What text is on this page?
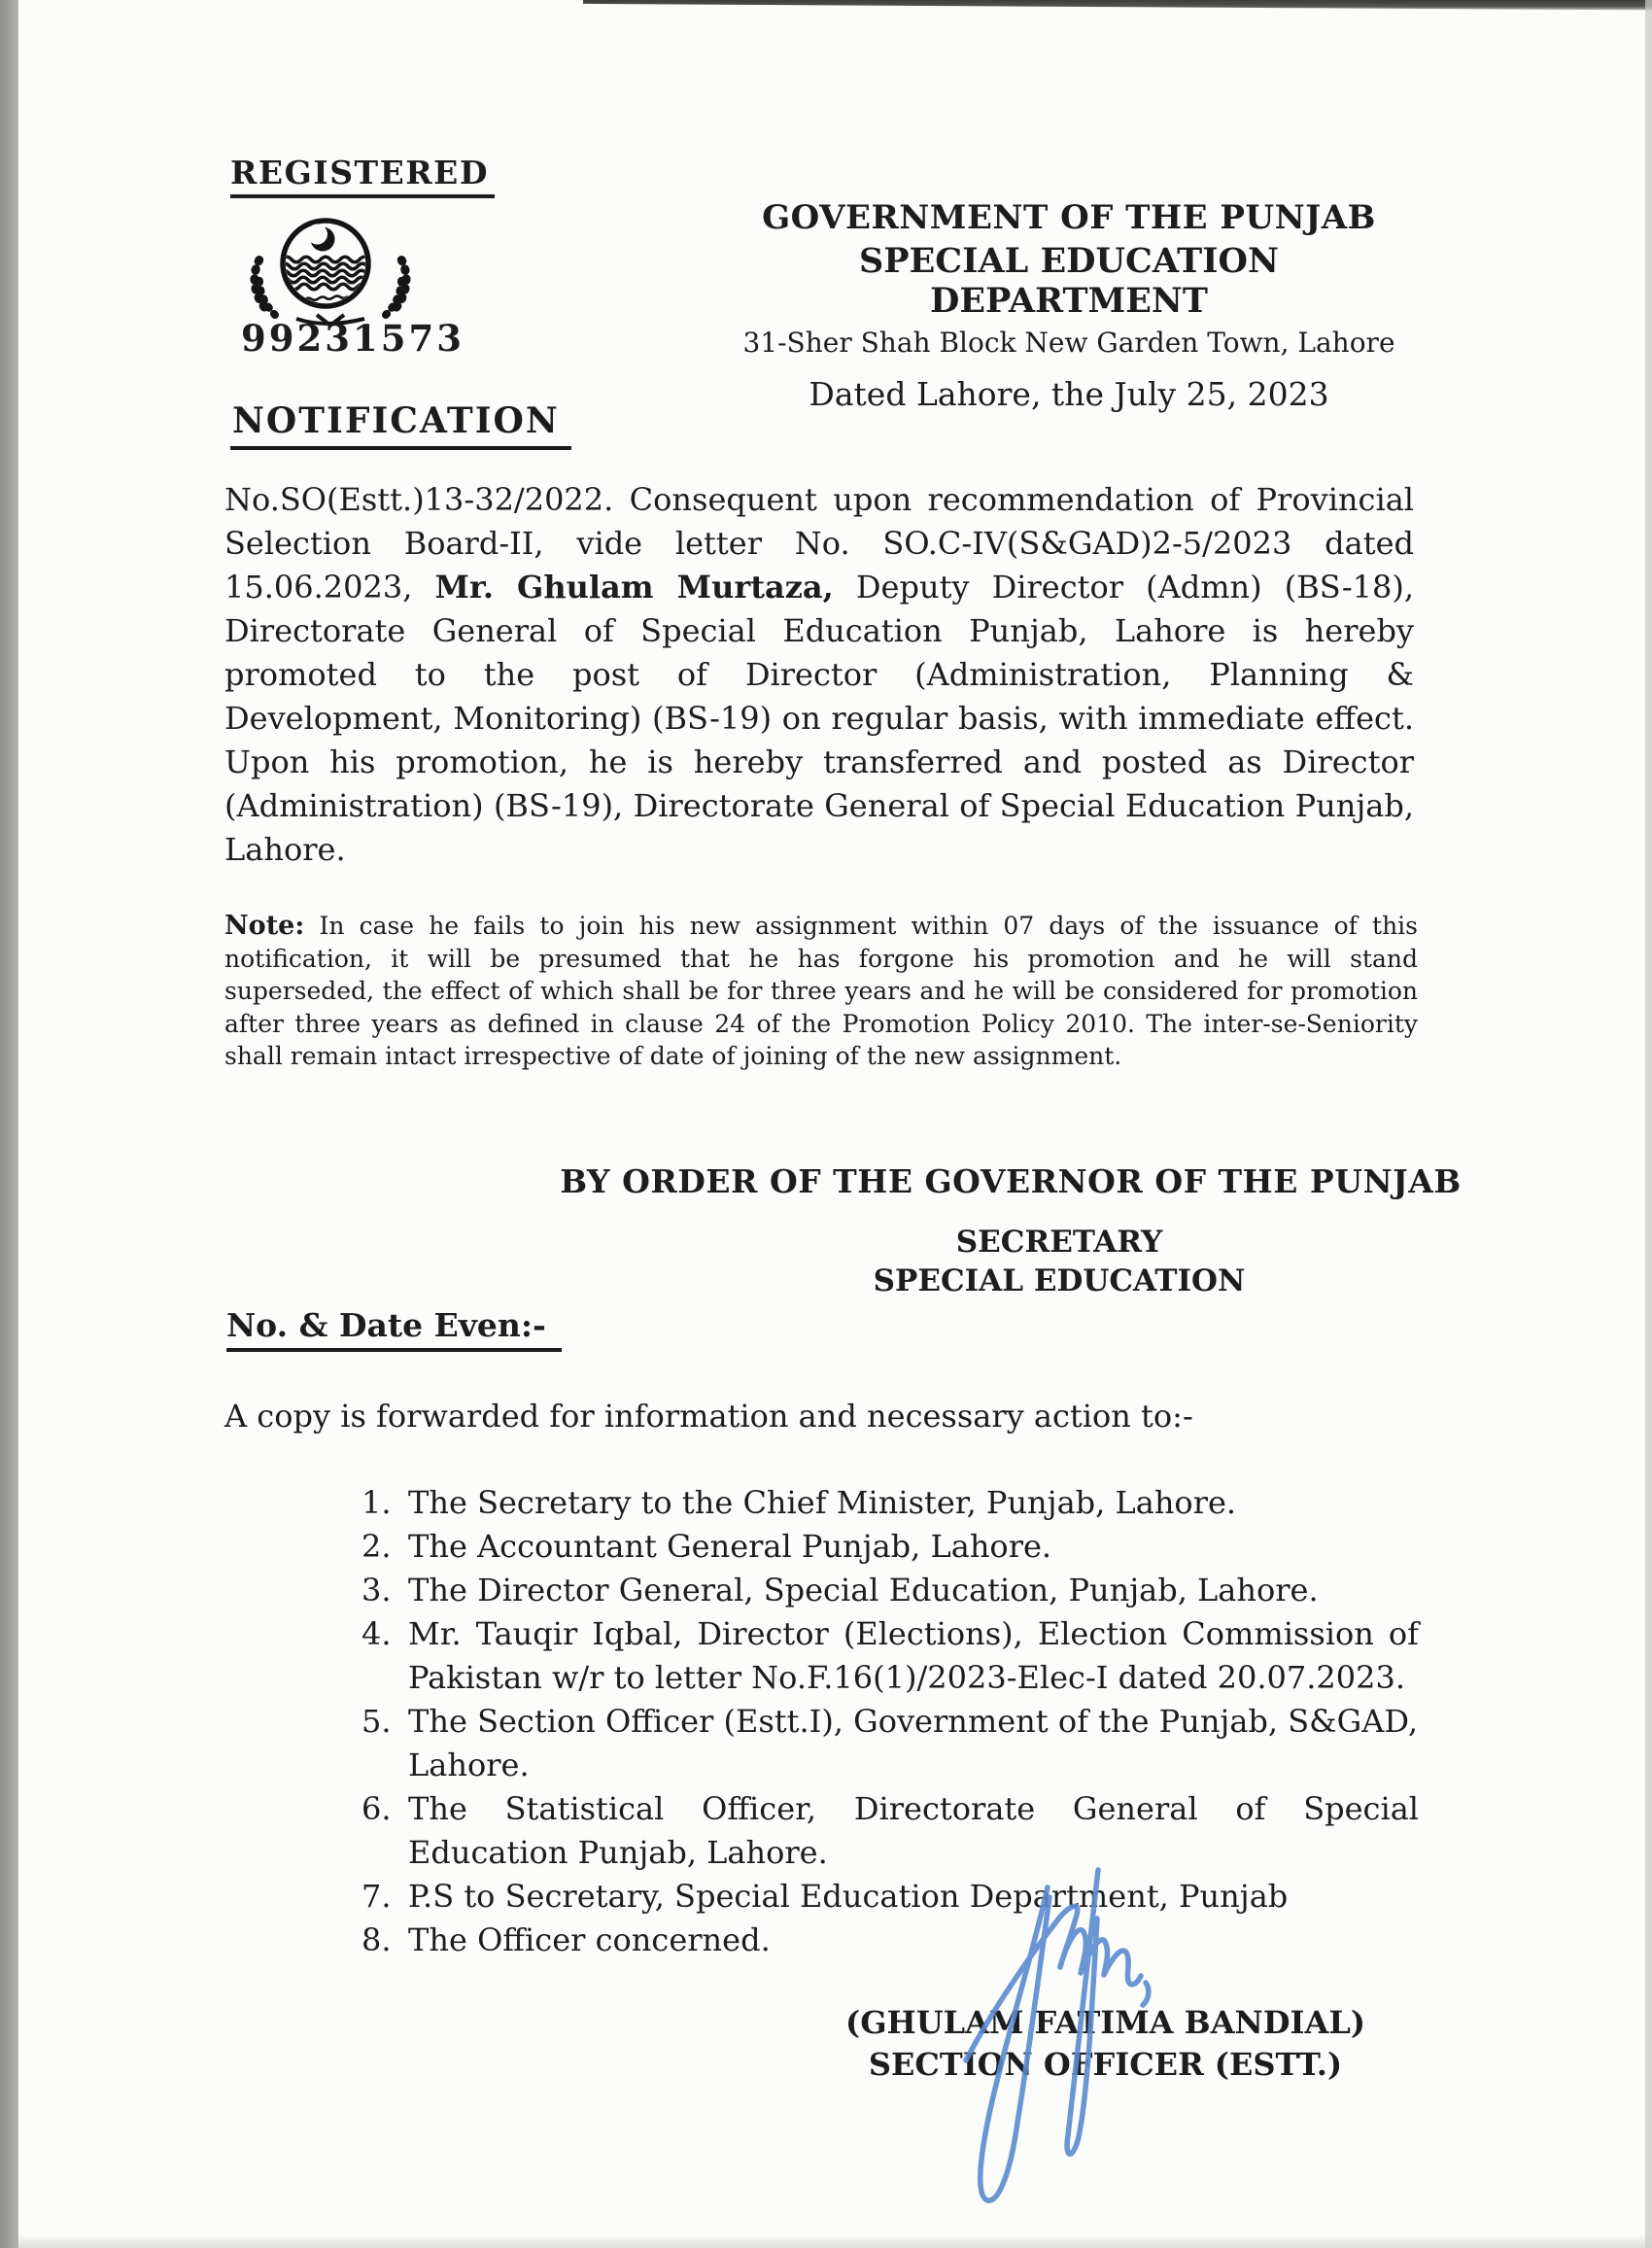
REGISTERED
99231573
GOVERNMENT OF THE PUNJAB
SPECIAL EDUCATION DEPARTMENT
31-Sher Shah Block New Garden Town, Lahore
Dated Lahore, the July 25, 2023
NOTIFICATION
No.SO(Estt.)13-32/2022. Consequent upon recommendation of Provincial Selection Board-II, vide letter No. SO.C-IV(S&GAD)2-5/2023 dated 15.06.2023, Mr. Ghulam Murtaza, Deputy Director (Admn) (BS-18), Directorate General of Special Education Punjab, Lahore is hereby promoted to the post of Director (Administration, Planning & Development, Monitoring) (BS-19) on regular basis, with immediate effect. Upon his promotion, he is hereby transferred and posted as Director (Administration) (BS-19), Directorate General of Special Education Punjab, Lahore.
Note: In case he fails to join his new assignment within 07 days of the issuance of this notification, it will be presumed that he has forgone his promotion and he will stand superseded, the effect of which shall be for three years and he will be considered for promotion after three years as defined in clause 24 of the Promotion Policy 2010. The inter-se-Seniority shall remain intact irrespective of date of joining of the new assignment.
BY ORDER OF THE GOVERNOR OF THE PUNJAB
SECRETARY
SPECIAL EDUCATION
No. & Date Even:-
A copy is forwarded for information and necessary action to:-
1. The Secretary to the Chief Minister, Punjab, Lahore.
2. The Accountant General Punjab, Lahore.
3. The Director General, Special Education, Punjab, Lahore.
4. Mr. Tauqir Iqbal, Director (Elections), Election Commission of Pakistan w/r to letter No.F.16(1)/2023-Elec-I dated 20.07.2023.
5. The Section Officer (Estt.I), Government of the Punjab, S&GAD, Lahore.
6. The Statistical Officer, Directorate General of Special Education Punjab, Lahore.
7. P.S to Secretary, Special Education Department, Punjab
8. The Officer concerned.
(GHULAM FATIMA BANDIAL)
SECTION OFFICER (ESTT.)
